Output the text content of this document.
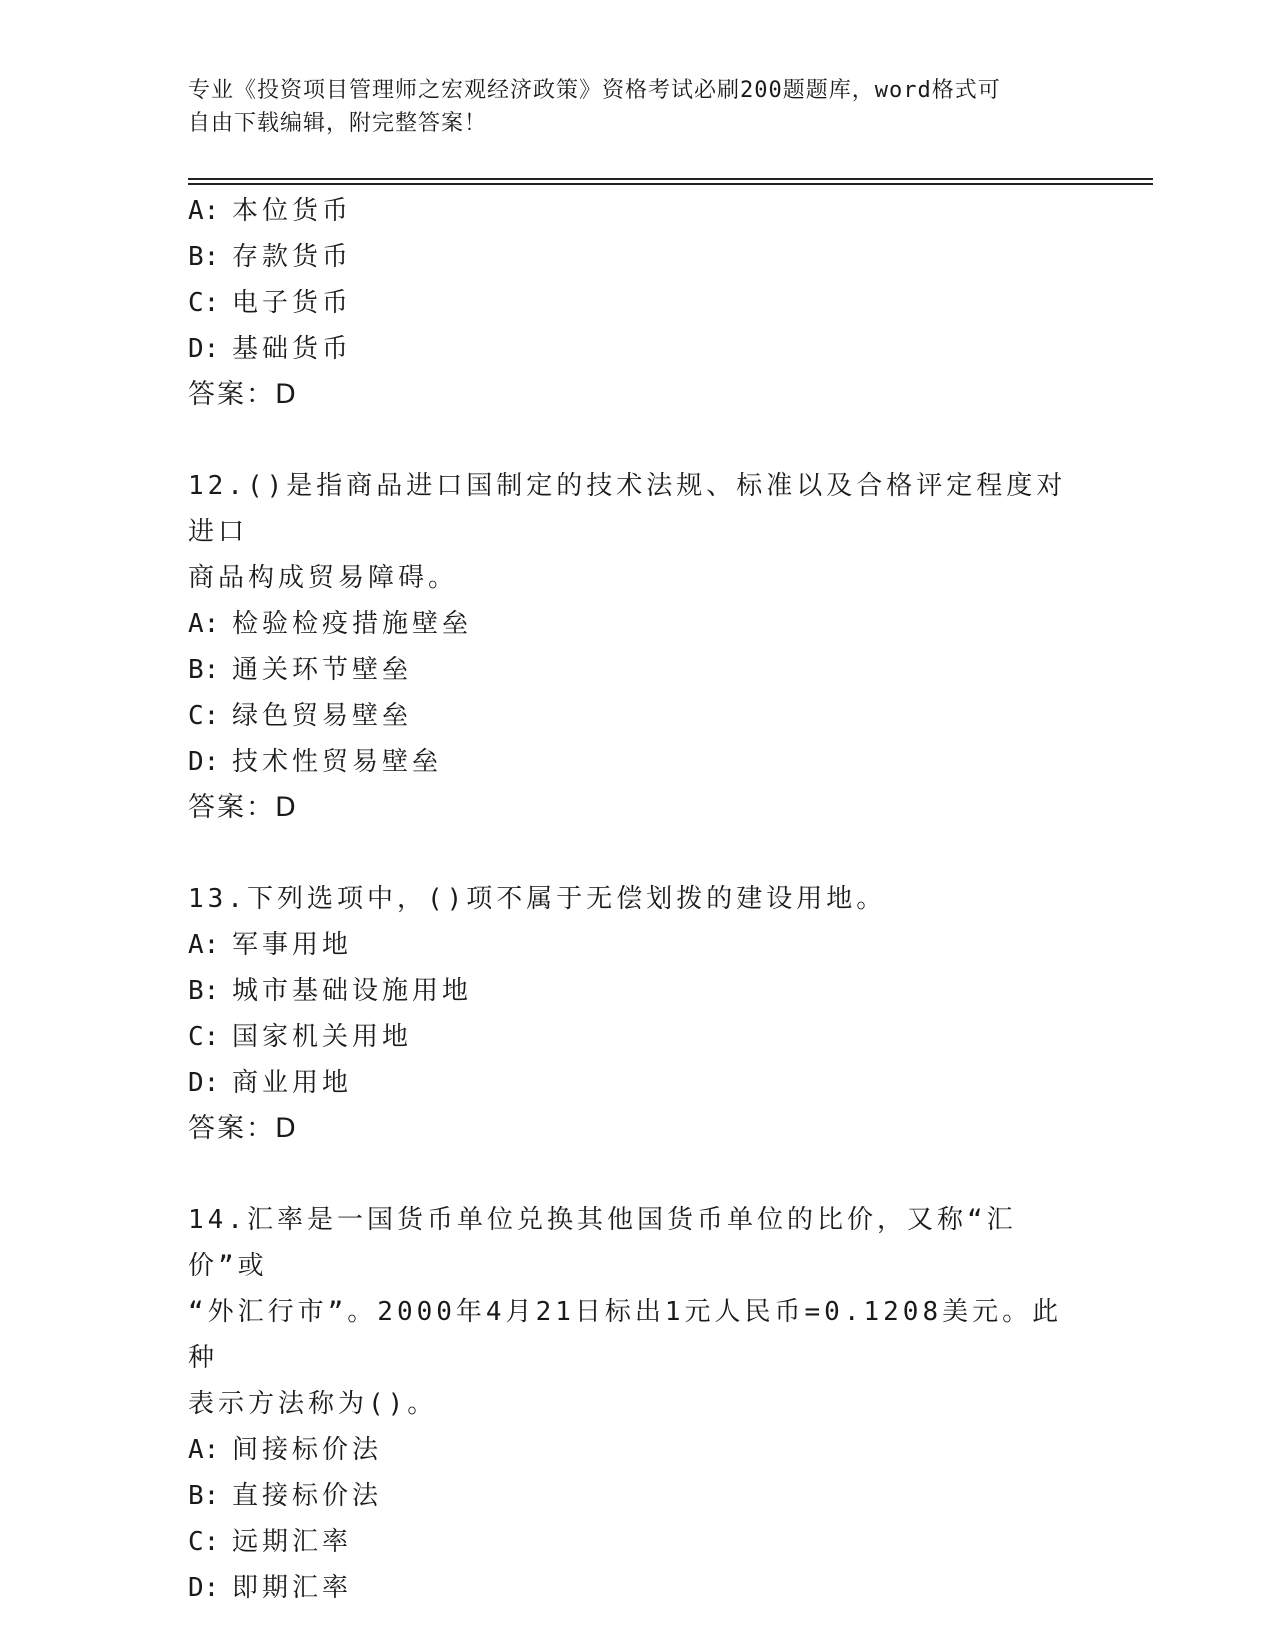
专业《投资项目管理师之宏观经济政策》资格考试必刷200题题库，word格式可
自由下载编辑，附完整答案！
A: 本位货币
B: 存款货币
C: 电子货币
D: 基础货币
答案：D
12.()是指商品进口国制定的技术法规、标准以及合格评定程度对进口
商品构成贸易障碍。
A: 检验检疫措施壁垒
B: 通关环节壁垒
C: 绿色贸易壁垒
D: 技术性贸易壁垒
答案：D
13.下列选项中，()项不属于无偿划拨的建设用地。
A: 军事用地
B: 城市基础设施用地
C: 国家机关用地
D: 商业用地
答案：D
14.汇率是一国货币单位兑换其他国货币单位的比价，又称“汇价”或
“外汇行市”。2000年4月21日标出1元人民币=0.1208美元。此种
表示方法称为()。
A: 间接标价法
B: 直接标价法
C: 远期汇率
D: 即期汇率
